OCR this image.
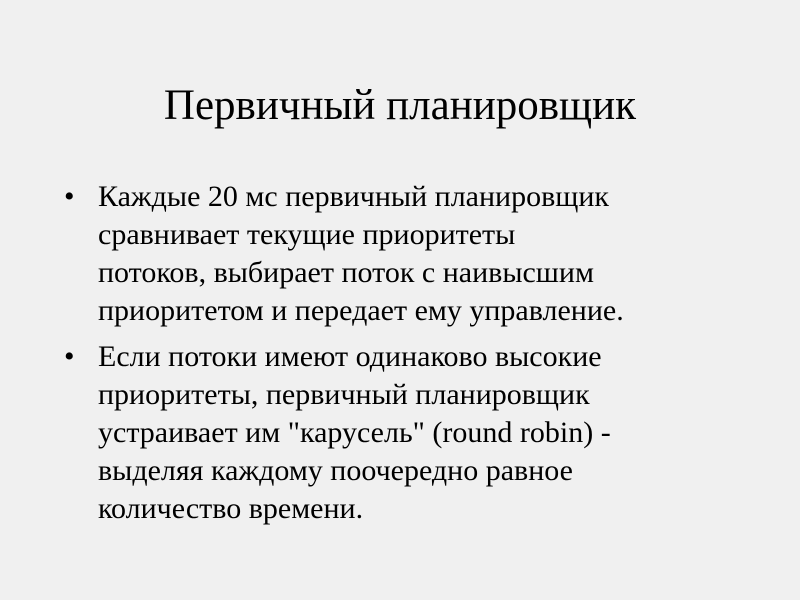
Первичный планировщик
• Каждые 20 мс первичный планировщик
сравнивает текущие приоритеты
потоков, выбирает поток с наивысшим
приоритетом и передает ему управление.
• Если потоки имеют одинаково высокие
приоритеты, первичный планировщик
устраивает им "карусель" (round robin) -
выделяя каждому поочередно равное
количество времени.
